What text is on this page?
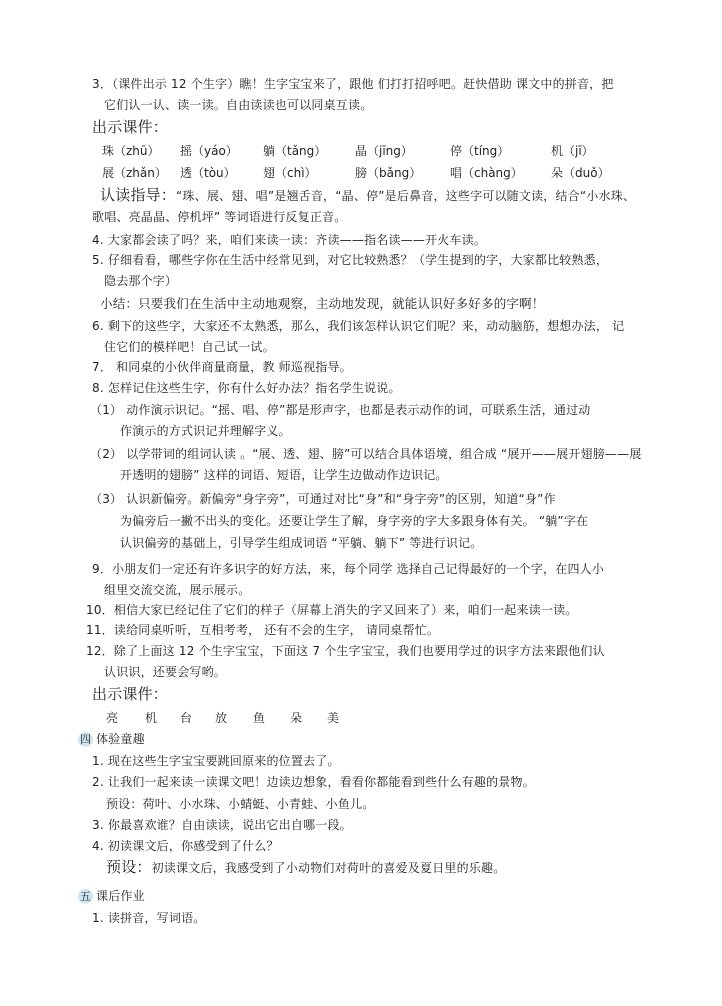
3．（课件出示 12 个生字）瞧！生字宝宝来了，跟他 们打打招呼吧。赶快借助 课文中的拼音，把
它们认一认、读一读。自由读读也可以同桌互读。
出示课件：
珠（zhū） 摇（yáo） 躺（tǎng） 晶（jīng）	停（tíng）	机（jī）
展（zhǎn） 透（tòu） 翅（chì）	膀（bǎng） 唱（chàng） 朵（duǒ）
认读指导：“珠、展、翅、唱”是翘舌音，“晶、停”是后鼻音，这些字可以随文读，结合“小水珠、
歌唱、亮晶晶、停机坪” 等词语进行反复正音。
4. 大家都会读了吗？来，咱们来读一读：齐读——指名读——开火车读。
5. 仔细看看，哪些字你在生活中经常见到，对它比较熟悉？（学生提到的字，大家都比较熟悉，
隐去那个字）
小结：只要我们在生活中主动地观察，主动地发现，就能认识好多好多的字啊！
6. 剩下的这些字，大家还不太熟悉，那么，我们该怎样认识它们呢？来，动动脑筋，想想办法， 记
住它们的模样吧！自己试一试。
7． 和同桌的小伙伴商量商量，教 师巡视指导。
8. 怎样记住这些生字，你有什么好办法？指名学生说说。
（1） 动作演示识记。“摇、唱、停”都是形声字，也都是表示动作的词，可联系生活，通过动
作演示的方式识记并理解字义。
（2） 以学带词的组词认读 。“展、透、翅、膀”可以结合具体语境，组合成 “展开——展开翅膀——展
开透明的翅膀” 这样的词语、短语，让学生边做动作边识记。
（3） 认识新偏旁。新偏旁“身字旁”，可通过对比“身”和“身字旁”的区别，知道“身”作
为偏旁后一撇不出头的变化。还要让学生了解，身字旁的字大多跟身体有关。 “躺”字在
认识偏旁的基础上，引导学生组成词语 “平躺、躺下” 等进行识记。
9．小朋友们一定还有许多识字的好方法，来，每个同学 选择自己记得最好的一个字，在四人小
组里交流交流，展示展示。
10．相信大家已经记住了它们的样子（屏幕上消失的字又回来了）来，咱们一起来读一读。
11．读给同桌听听，互相考考， 还有不会的生字， 请同桌帮忙。
12．除了上面这 12 个生字宝宝，下面这 7 个生字宝宝，我们也要用学过的识字方法来跟他们认
认识识，还要会写哟。
出示课件：
亮 机 台 放 鱼 朵 美
四 体验童趣
1. 现在这些生字宝宝要跳回原来的位置去了。
2. 让我们一起来读一读课文吧！边读边想象，看看你都能看到些什么有趣的景物。
预设：荷叶、小水珠、小蜻蜓、小青蛙、小鱼儿。
3. 你最喜欢谁？自由读读，说出它出自哪一段。
4. 初读课文后，你感受到了什么？
预设：初读课文后，我感受到了小动物们对荷叶的喜爱及夏日里的乐趣。
五 课后作业
1. 读拼音，写词语。
